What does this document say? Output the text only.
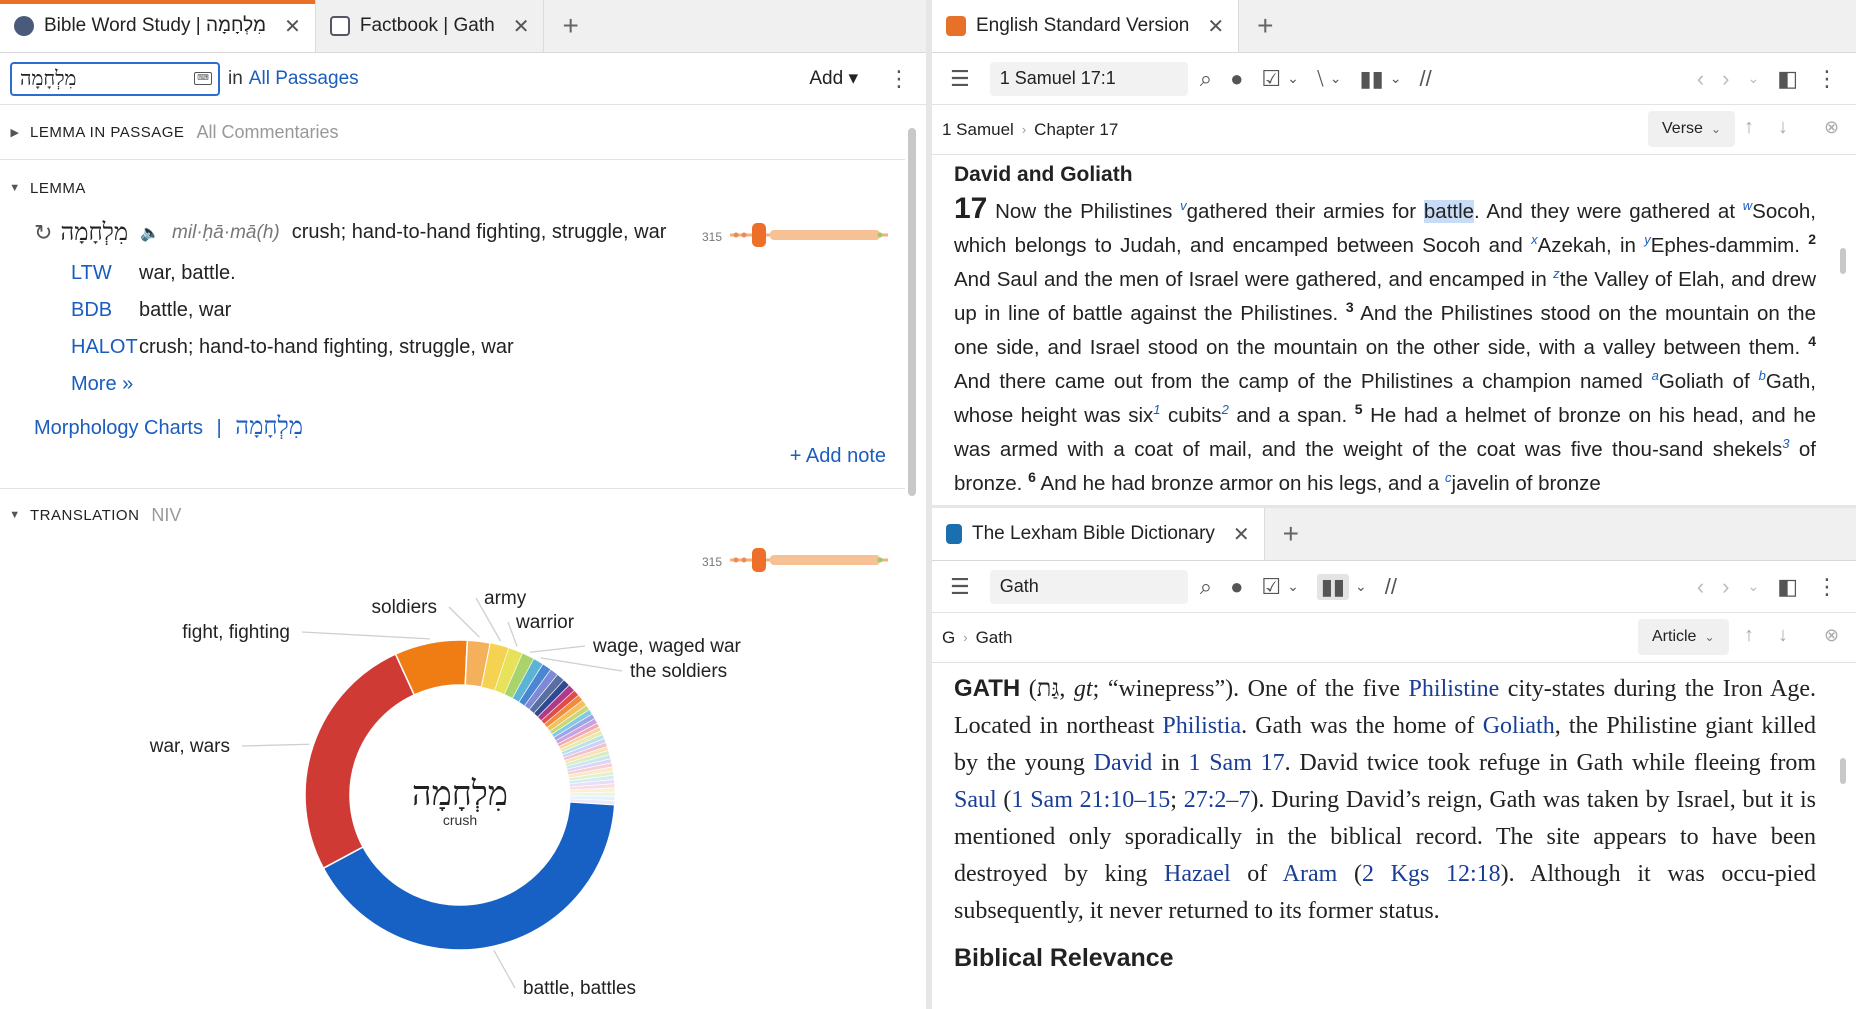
Bible Word Study | מִלְחָמָה ✕	Factbook | Gath ✕	+
מִלְחָמָה	⌨ in All Passages	Add ▾ ⋮
▶ LEMMA IN PASSAGE All Commentaries
▼ LEMMA
↻ מִלְחָמָה 🔈 mil·ḥā·mā(h) crush; hand-to-hand fighting, struggle, war	315
LTW	war, battle.
BDB	battle, war
HALOT crush; hand-to-hand fighting, struggle, war
More »
Morphology Charts | מִלְחָמָה
+ Add note
▼ TRANSLATION NIV
315
battle, battles
war, wars
fight, fighting
soldiers army
warrior
wage, waged war
the soldiers
מִלְחָמָה
crush
English Standard Version ✕	+
☰ 1 Samuel 17:1	⌕ ● ☑ ⌄ ⧵ ⌄ ▮▮ ⌄ //	‹ › ⌄ ◧ ⋮
1 Samuel › Chapter 17	Verse ⌄ ↑ ↓ ⊗
David and Goliath
17 Now the Philistines $^v$gathered their armies for battle. And they were gathered at $^w$Socoh, which belongs to Judah, and encamped between Socoh and $^x$Azekah, in $^y$Ephes-dammim. $^2$ And Saul and the men of Israel were gathered, and encamped in $^z$the Valley of Elah, and drew up in line of battle against the Philistines. $^3$ And the Philistines stood on the mountain on the one side, and Israel stood on the mountain on the other side, with a valley between them. $^4$ And there came out from the camp of the Philistines a champion named $^a$Goliath of $^b$Gath, whose height was six$^1$ cubits$^2$ and a span. $^5$ He had a helmet of bronze on his head, and he was armed with a coat of mail, and the weight of the coat was five thou-sand shekels$^3$ of bronze. $^6$ And he had bronze armor on his legs, and a $^c$javelin of bronze
The Lexham Bible Dictionary ✕	+
☰ Gath	⌕ ● ☑ ⌄ ▮▮ ⌄ //	‹ › ⌄ ◧ ⋮
G › Gath	Article ⌄ ↑ ↓ ⊗
GATH (גַּת, gt; “winepress”). One of the five Philistine city-states during the Iron Age. Located in northeast Philistia. Gath was the home of Goliath, the Philistine giant killed by the young David in 1 Sam 17. David twice took refuge in Gath while fleeing from Saul (1 Sam 21:10–15; 27:2–7). During David’s reign, Gath was taken by Israel, but it is mentioned only sporadically in the biblical record. The site appears to have been destroyed by king Hazael of Aram (2 Kgs 12:18). Although it was occu-pied subsequently, it never returned to its former status.
Biblical Relevance
